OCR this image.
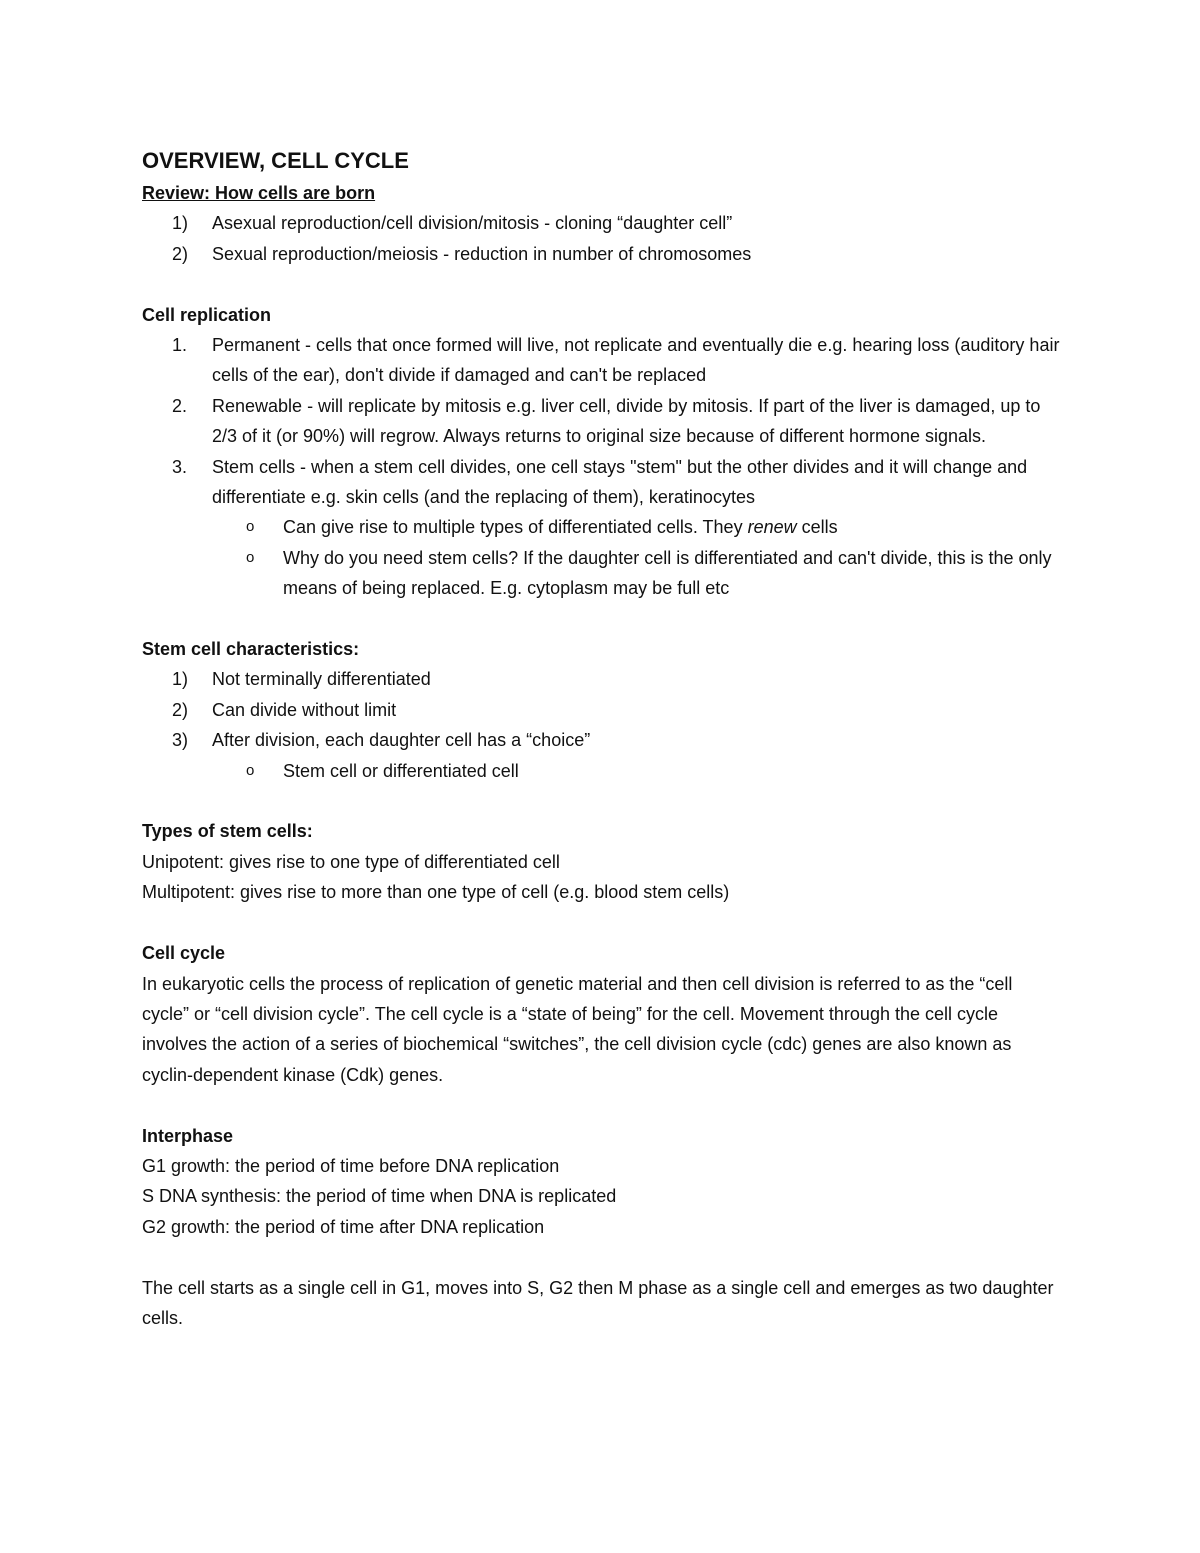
OVERVIEW, CELL CYCLE

Review: How cells are born

1) Asexual reproduction/cell division/mitosis - cloning “daughter cell”

2) Sexual reproduction/meiosis - reduction in number of chromosomes

Cell replication

1. Permanent - cells that once formed will live, not replicate and eventually die e.g. hearing loss (auditory hair cells of the ear), don't divide if damaged and can't be replaced

2. Renewable - will replicate by mitosis e.g. liver cell, divide by mitosis. If part of the liver is damaged, up to 2/3 of it (or 90%) will regrow. Always returns to original size because of different hormone signals.

3. Stem cells - when a stem cell divides, one cell stays "stem" but the other divides and it will change and differentiate e.g. skin cells (and the replacing of them), keratinocytes

o Can give rise to multiple types of differentiated cells. They renew cells

o Why do you need stem cells? If the daughter cell is differentiated and can't divide, this is the only means of being replaced. E.g. cytoplasm may be full etc

Stem cell characteristics:

1) Not terminally differentiated

2) Can divide without limit

3) After division, each daughter cell has a “choice”

o Stem cell or differentiated cell

Types of stem cells:

Unipotent: gives rise to one type of differentiated cell

Multipotent: gives rise to more than one type of cell (e.g. blood stem cells)

Cell cycle

In eukaryotic cells the process of replication of genetic material and then cell division is referred to as the “cell cycle” or “cell division cycle”. The cell cycle is a “state of being” for the cell. Movement through the cell cycle involves the action of a series of biochemical “switches”, the cell division cycle (cdc) genes are also known as cyclin-dependent kinase (Cdk) genes.

Interphase

G1 growth: the period of time before DNA replication

S DNA synthesis: the period of time when DNA is replicated

G2 growth: the period of time after DNA replication

The cell starts as a single cell in G1, moves into S, G2 then M phase as a single cell and emerges as two daughter cells.
